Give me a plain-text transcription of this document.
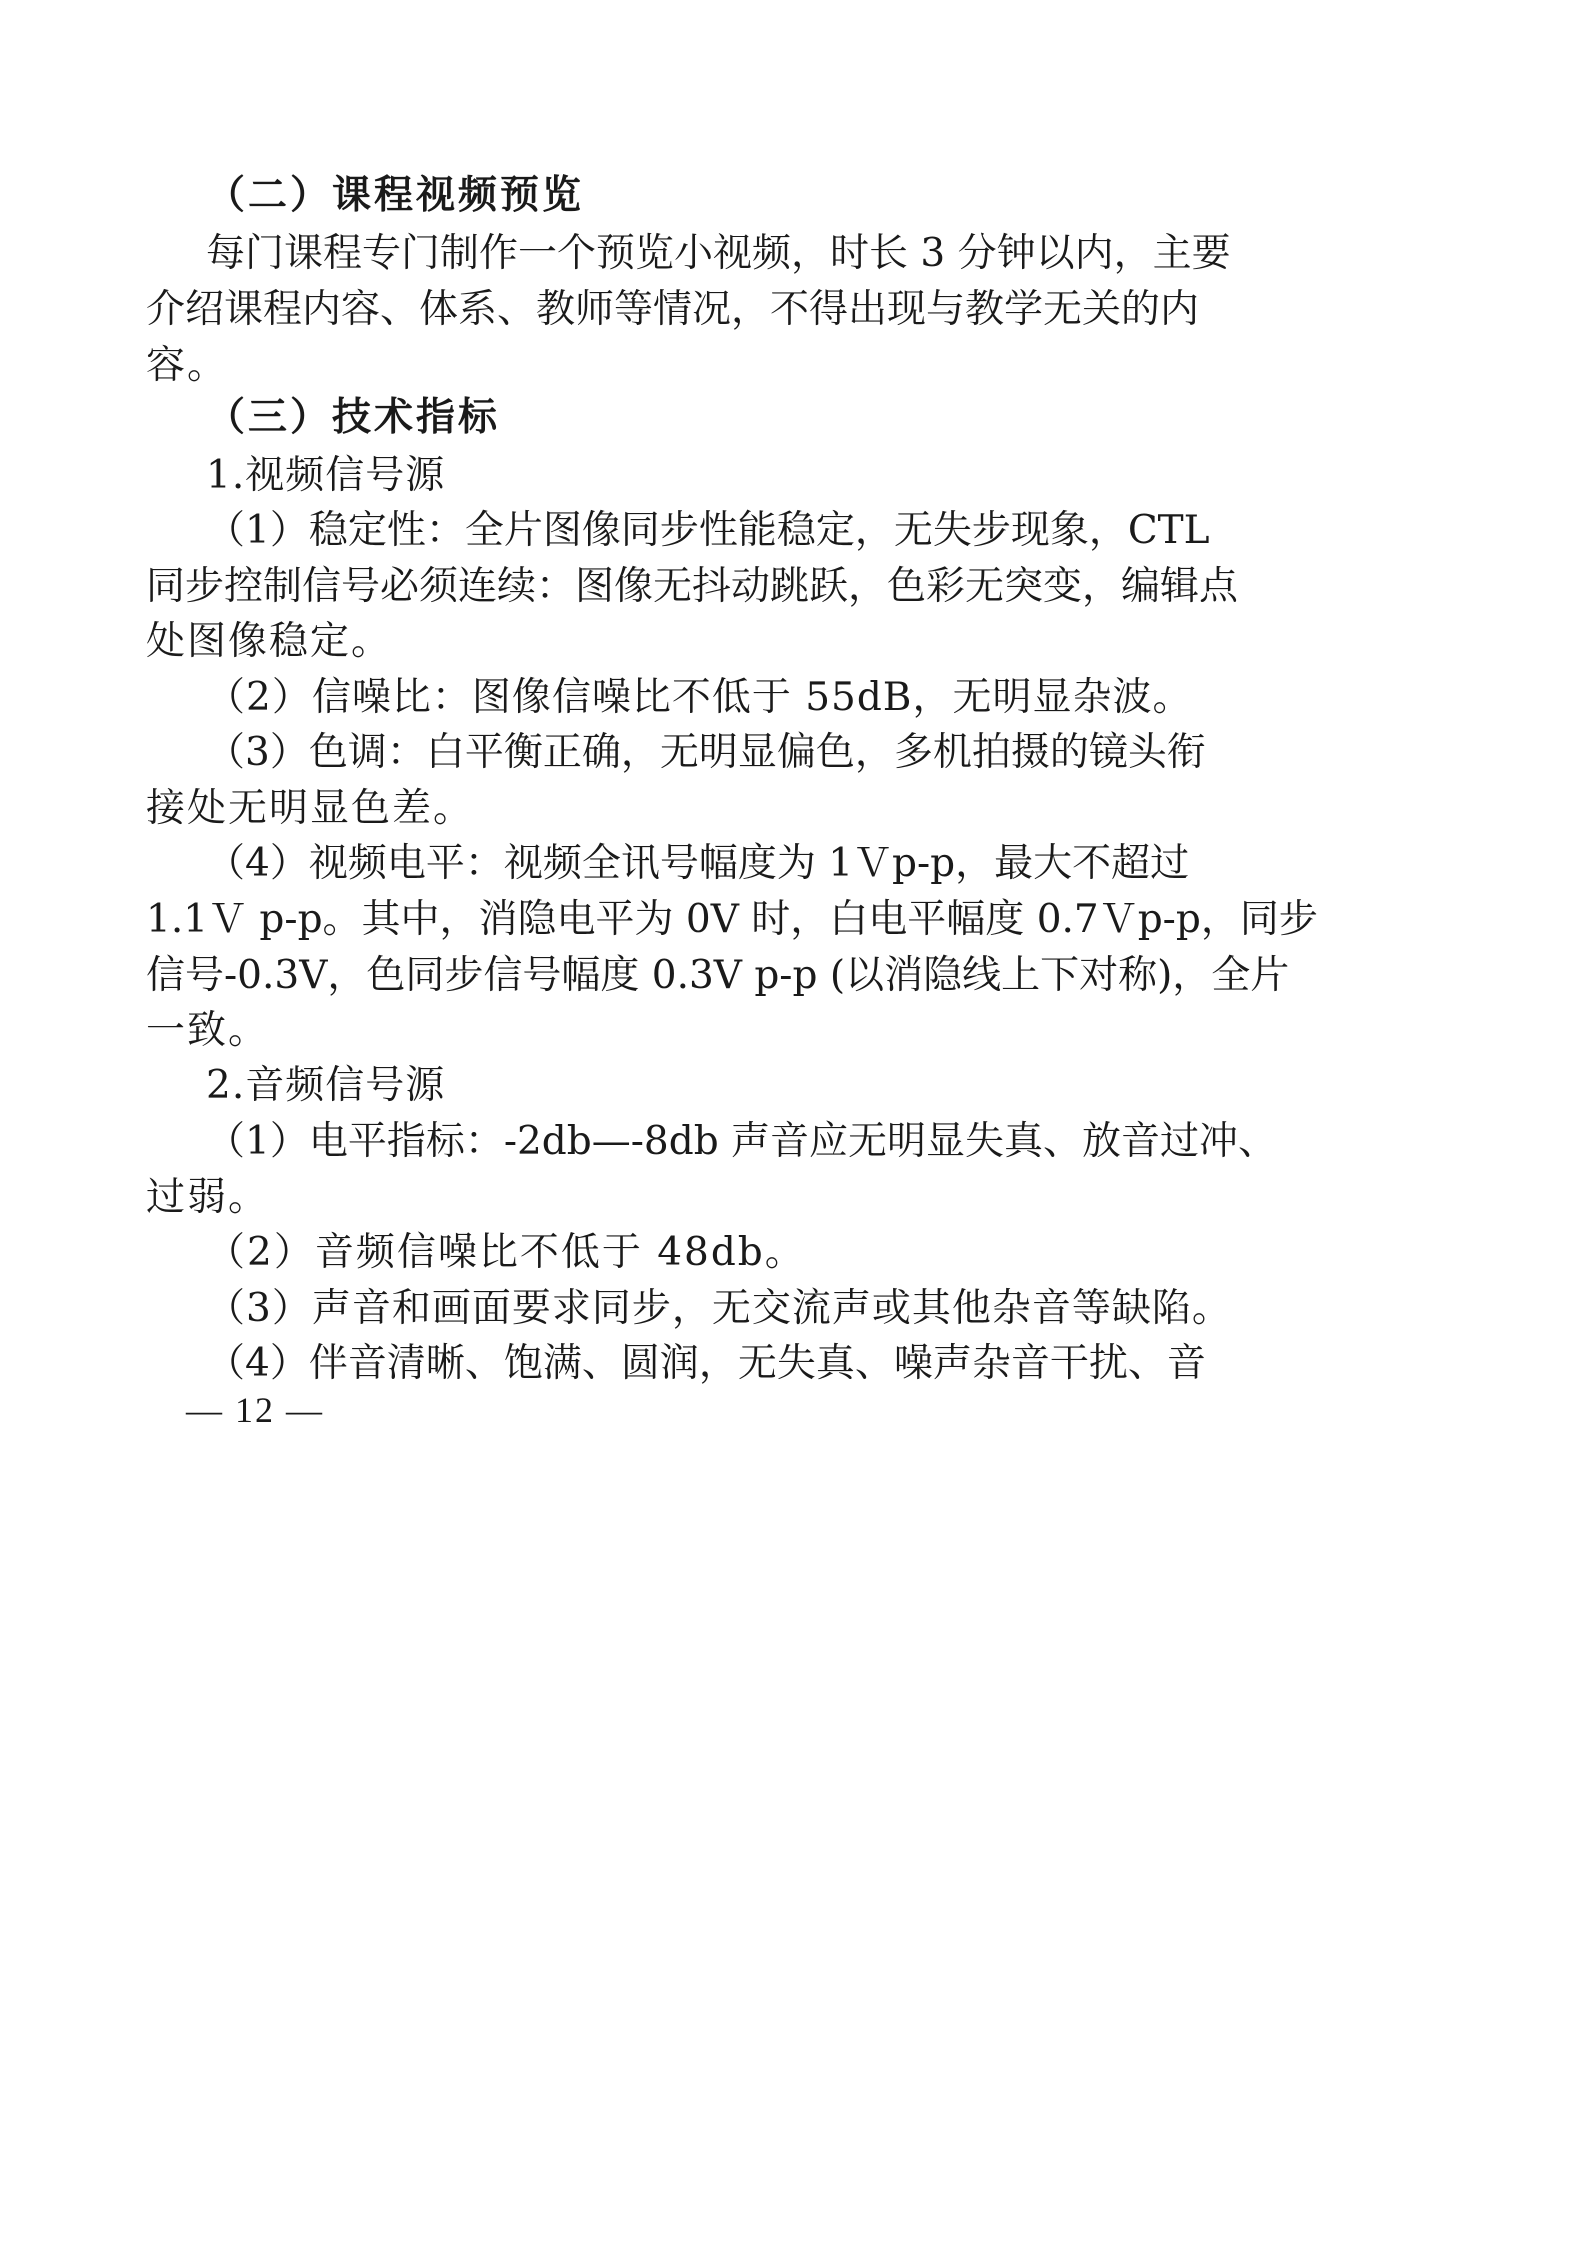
（二）课程视频预览
每门课程专门制作一个预览小视频，时长 3 分钟以内，主要
介绍课程内容、体系、教师等情况，不得出现与教学无关的内
容。
（三）技术指标
1.视频信号源
（1）稳定性：全片图像同步性能稳定，无失步现象，CTL
同步控制信号必须连续：图像无抖动跳跃，色彩无突变，编辑点
处图像稳定。
（2）信噪比：图像信噪比不低于 55dB，无明显杂波。
（3）色调：白平衡正确，无明显偏色，多机拍摄的镜头衔
接处无明显色差。
（4）视频电平：视频全讯号幅度为 1Ｖp-p，最大不超过
1.1Ｖ p-p。其中，消隐电平为 0V 时，白电平幅度 0.7Ｖp-p，同步
信号-0.3V，色同步信号幅度 0.3V p-p (以消隐线上下对称)，全片
一致。
2.音频信号源
（1）电平指标：-2db—-8db 声音应无明显失真、放音过冲、
过弱。
（2）音频信噪比不低于 48db。
（3）声音和画面要求同步，无交流声或其他杂音等缺陷。
（4）伴音清晰、饱满、圆润，无失真、噪声杂音干扰、音
— 12 —
